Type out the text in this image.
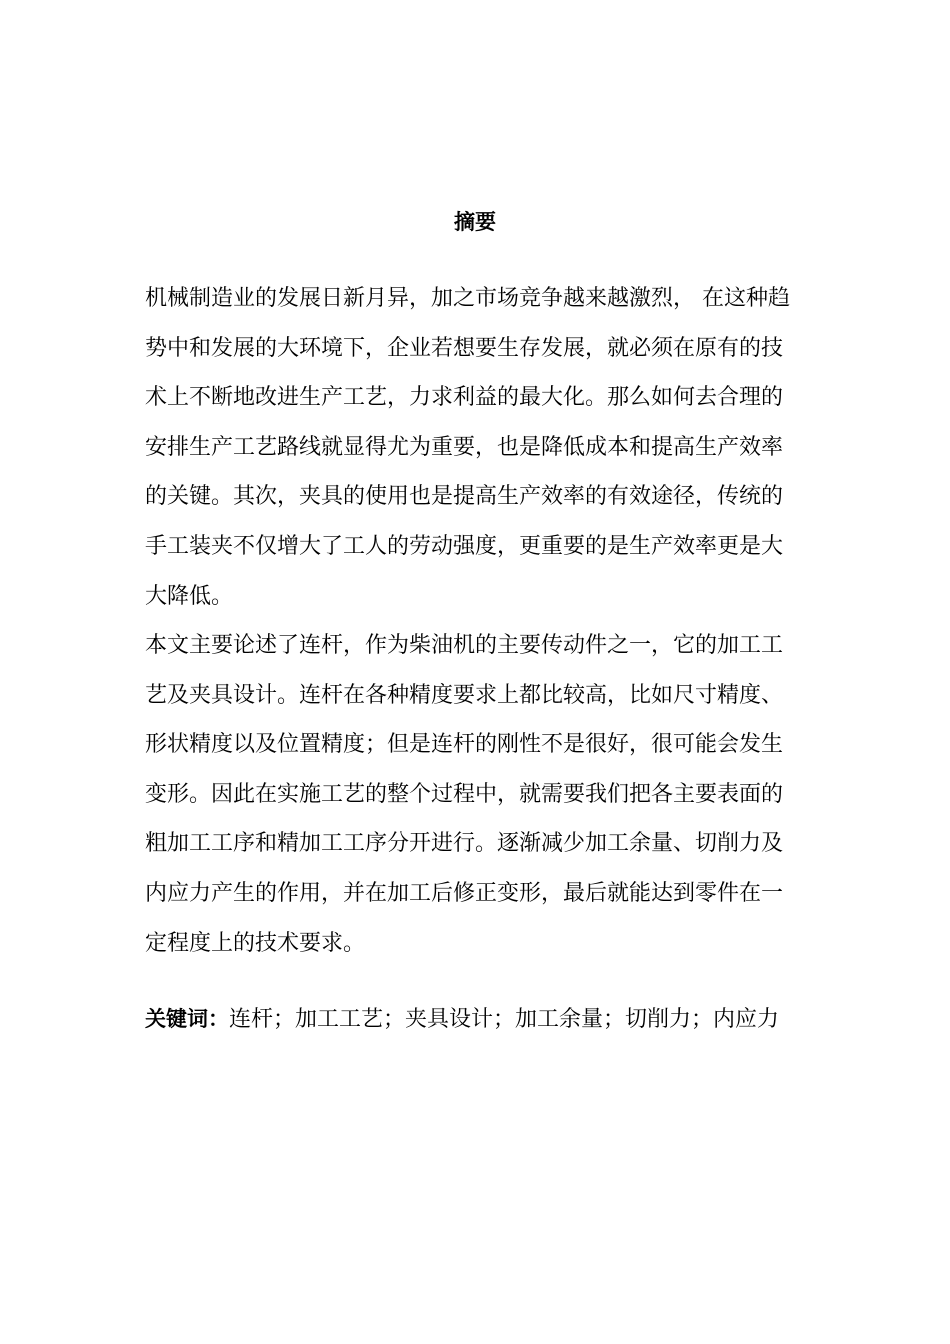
摘要
机械制造业的发展日新月异，加之市场竞争越来越激烈， 在这种趋
势中和发展的大环境下，企业若想要生存发展，就必须在原有的技
术上不断地改进生产工艺，力求利益的最大化。那么如何去合理的
安排生产工艺路线就显得尤为重要，也是降低成本和提高生产效率
的关键。其次，夹具的使用也是提高生产效率的有效途径，传统的
手工装夹不仅增大了工人的劳动强度，更重要的是生产效率更是大
大降低。
本文主要论述了连杆，作为柴油机的主要传动件之一，它的加工工
艺及夹具设计。连杆在各种精度要求上都比较高，比如尺寸精度、
形状精度以及位置精度；但是连杆的刚性不是很好，很可能会发生
变形。因此在实施工艺的整个过程中，就需要我们把各主要表面的
粗加工工序和精加工工序分开进行。逐渐减少加工余量、切削力及
内应力产生的作用，并在加工后修正变形，最后就能达到零件在一
定程度上的技术要求。
关键词：连杆；加工工艺；夹具设计；加工余量；切削力；内应力
